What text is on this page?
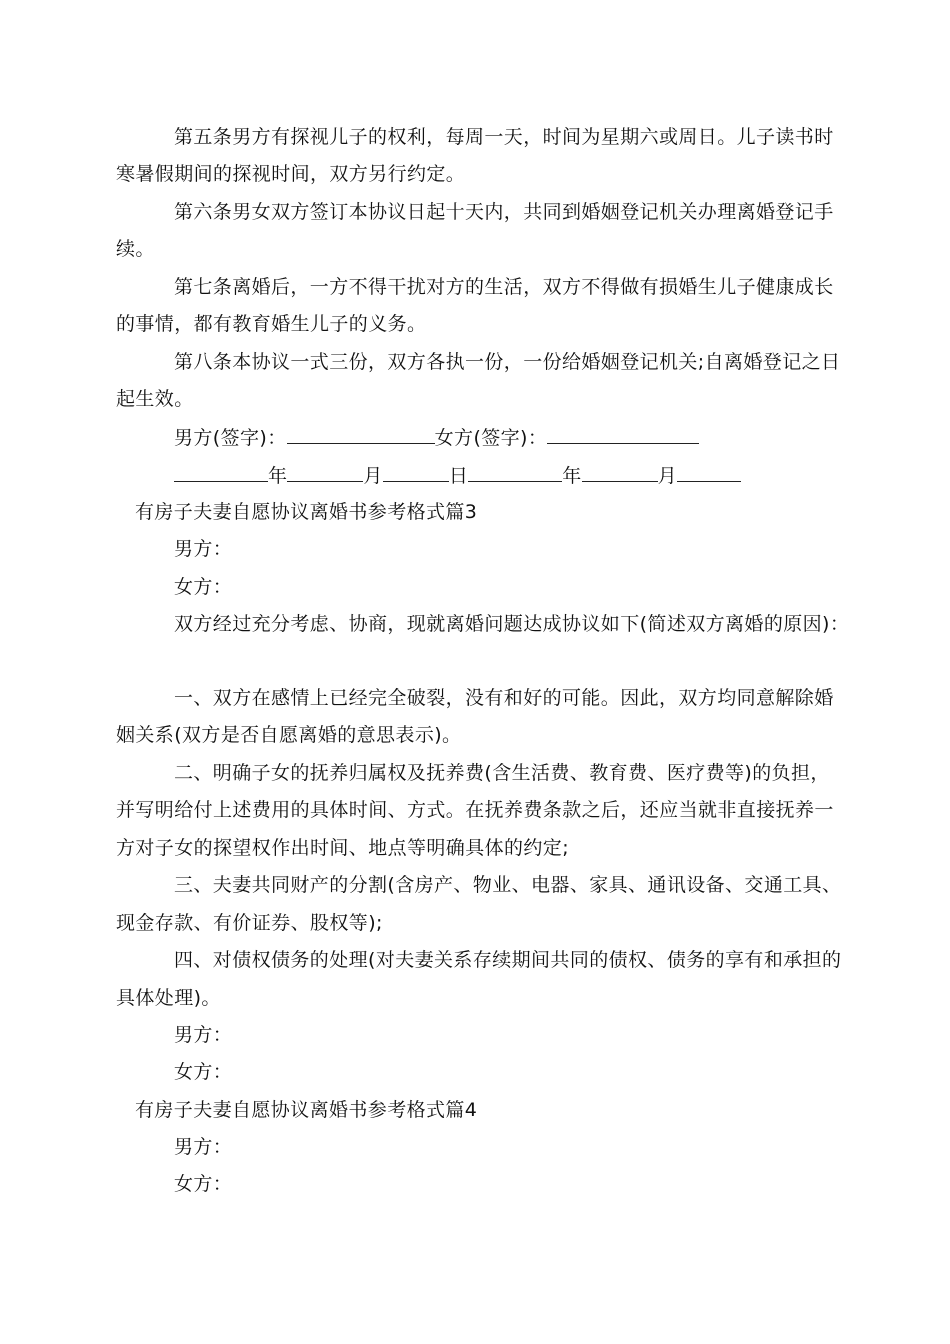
第五条男方有探视儿子的权利，每周一天，时间为星期六或周日。儿子读书时
寒暑假期间的探视时间，双方另行约定。
第六条男女双方签订本协议日起十天内，共同到婚姻登记机关办理离婚登记手
续。
第七条离婚后，一方不得干扰对方的生活，双方不得做有损婚生儿子健康成长
的事情，都有教育婚生儿子的义务。
第八条本协议一式三份，双方各执一份，一份给婚姻登记机关;自离婚登记之日
起生效。
男方(签字)：	女方(签字)：
年	月	日	年	月
有房子夫妻自愿协议离婚书参考格式篇3
男方：
女方：
双方经过充分考虑、协商，现就离婚问题达成协议如下(简述双方离婚的原因)：
一、双方在感情上已经完全破裂，没有和好的可能。因此，双方均同意解除婚
姻关系(双方是否自愿离婚的意思表示)。
二、明确子女的抚养归属权及抚养费(含生活费、教育费、医疗费等)的负担，
并写明给付上述费用的具体时间、方式。在抚养费条款之后，还应当就非直接抚养一
方对子女的探望权作出时间、地点等明确具体的约定;
三、夫妻共同财产的分割(含房产、物业、电器、家具、通讯设备、交通工具、
现金存款、有价证券、股权等);
四、对债权债务的处理(对夫妻关系存续期间共同的债权、债务的享有和承担的
具体处理)。
男方：
女方：
有房子夫妻自愿协议离婚书参考格式篇4
男方：
女方：
